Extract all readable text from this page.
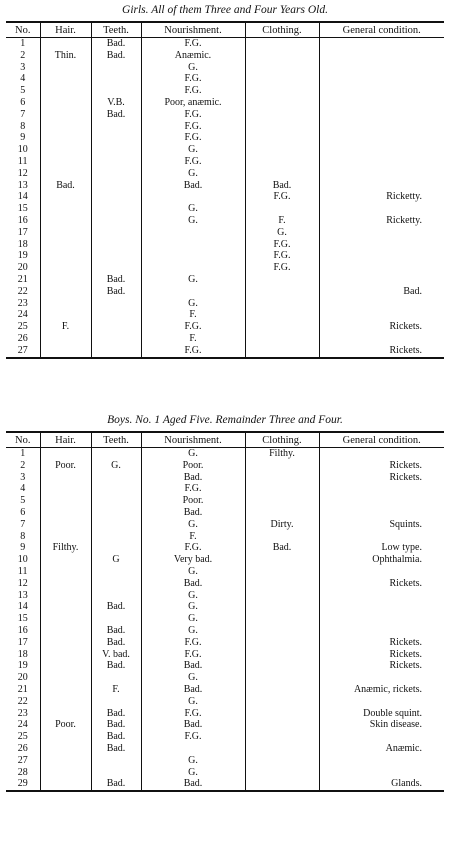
Girls. All of them Three and Four Years Old.
No.	Hair.	Teeth.	Nourishment.	Clothing.	General condition.
1		Bad.	F.G.		
2	Thin.	Bad.	Anæmic.		
3			G.		
4			F.G.		
5			F.G.		
6		V.B.	Poor, anæmic.		
7		Bad.	F.G.		
8			F.G.		
9			F.G.		
10			G.		
11			F.G.		
12			G.		
13	Bad.		Bad.	Bad.	
14				F.G.	Ricketty.
15			G.		
16			G.	F.	Ricketty.
17				G.	
18				F.G.	
19				F.G.	
20				F.G.	
21		Bad.	G.		
22		Bad.			Bad.
23			G.		
24			F.		
25	F.		F.G.		Rickets.
26			F.		
27			F.G.		Rickets.
Boys. No. 1 Aged Five. Remainder Three and Four.
No.	Hair.	Teeth.	Nourishment.	Clothing.	General condition.
1			G.	Filthy.	
2	Poor.	G.	Poor.		Rickets.
3			Bad.		Rickets.
4			F.G.		
5			Poor.		
6			Bad.		
7			G.	Dirty.	Squints.
8			F.		
9	Filthy.		F.G.	Bad.	Low type.
10		G	Very bad.		Ophthalmia.
11			G.		
12			Bad.		Rickets.
13			G.		
14		Bad.	G.		
15			G.		
16		Bad.	G.		
17		Bad.	F.G.		Rickets.
18		V. bad.	F.G.		Rickets.
19		Bad.	Bad.		Rickets.
20			G.		
21		F.	Bad.		Anæmic, rickets.
22			G.		
23		Bad.	F.G.		Double squint.
24	Poor.	Bad.	Bad.		Skin disease.
25		Bad.	F.G.		
26		Bad.			Anæmic.
27			G.		
28			G.		
29		Bad.	Bad.		Glands.
